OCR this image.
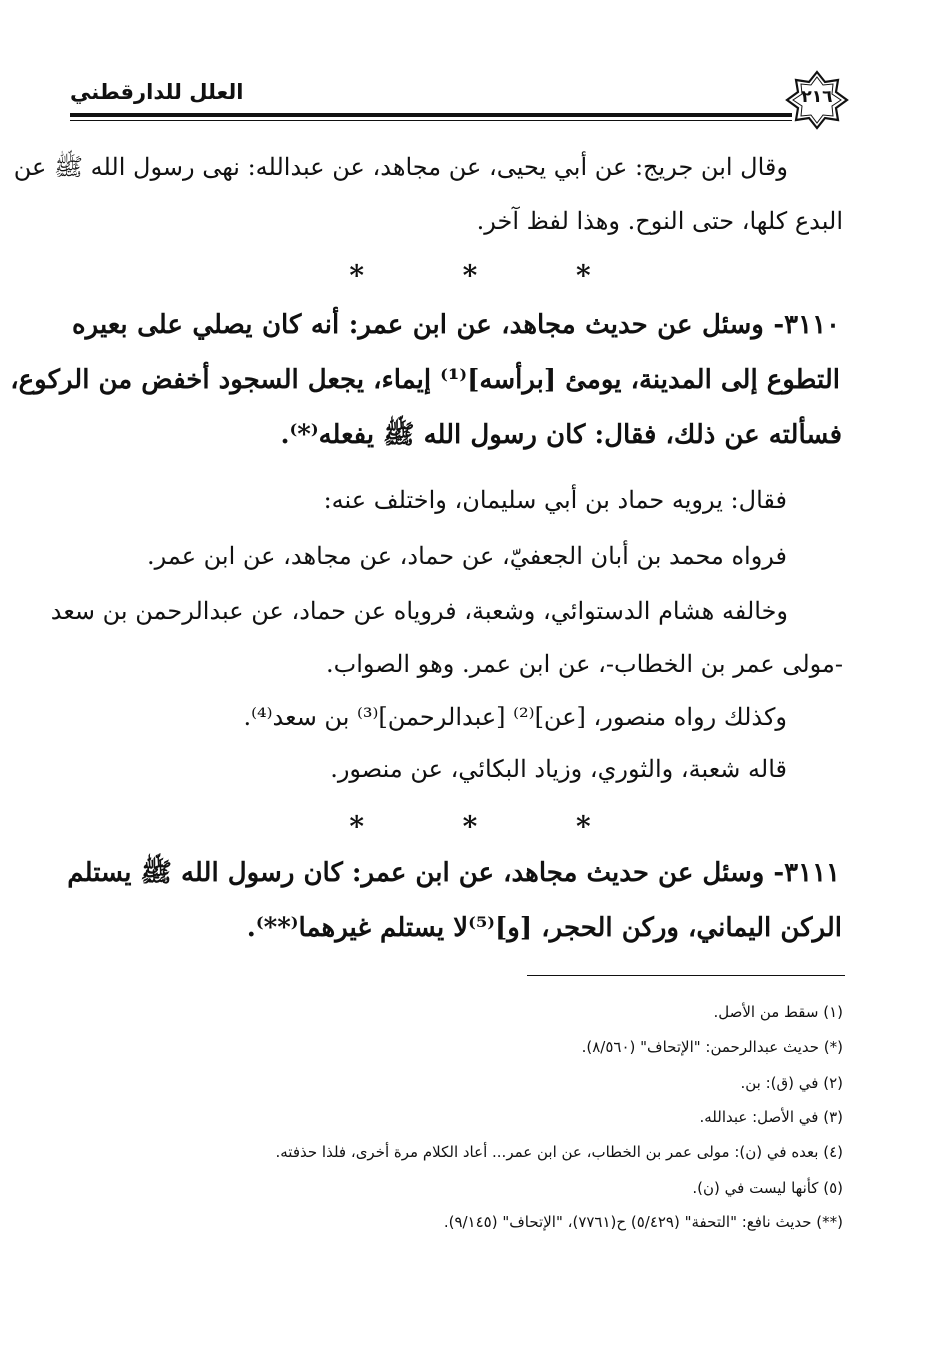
العلل للدارقطني	٢١٦
وقال ابن جريج: عن أبي يحيى، عن مجاهد، عن عبدالله: نهى رسول الله ﷺ عن
البدع كلها، حتى النوح. وهذا لفظ آخر.
*	*	*
٣١١٠- وسئل عن حديث مجاهد، عن ابن عمر: أنه كان يصلي على بعيره
التطوع إلى المدينة، يومئ [برأسه]⁽¹⁾ إيماء، يجعل السجود أخفض من الركوع،
فسألته عن ذلك، فقال: كان رسول الله ﷺ يفعله⁽*⁾.
فقال: يرويه حماد بن أبي سليمان، واختلف عنه:
فرواه محمد بن أبان الجعفيّ، عن حماد، عن مجاهد، عن ابن عمر.
وخالفه هشام الدستوائي، وشعبة، فروياه عن حماد، عن عبدالرحمن بن سعد
-مولى عمر بن الخطاب-، عن ابن عمر. وهو الصواب.
وكذلك رواه منصور، [عن]⁽²⁾ [عبدالرحمن]⁽³⁾ بن سعد⁽⁴⁾.
قاله شعبة، والثوري، وزياد البكائي، عن منصور.
*	*	*
٣١١١- وسئل عن حديث مجاهد، عن ابن عمر: كان رسول الله ﷺ يستلم
الركن اليماني، وركن الحجر، [و]⁽⁵⁾لا يستلم غيرهما⁽**⁾.
(١) سقط من الأصل.
(*) حديث عبدالرحمن: "الإتحاف" (٨/٥٦٠).
(٢) في (ق): بن.
(٣) في الأصل: عبدالله.
(٤) بعده في (ن): مولى عمر بن الخطاب، عن ابن عمر... أعاد الكلام مرة أخرى، فلذا حذفته.
(٥) كأنها ليست في (ن).
(**) حديث نافع: "التحفة" (٥/٤٢٩) ح(٧٧٦١)، "الإتحاف" (٩/١٤٥).
